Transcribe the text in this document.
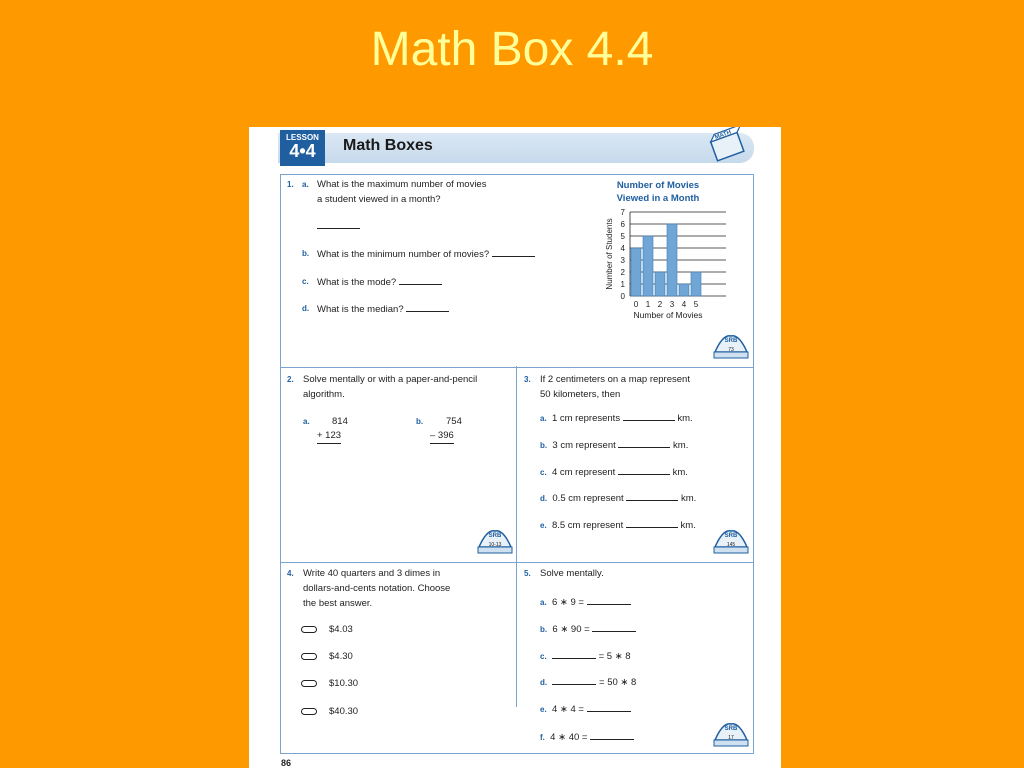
Math Box 4.4
LESSON
4•4	Math Boxes
MATH
1. a. What is the maximum number of movies
a student viewed in a month?
b. What is the minimum number of movies?
c. What is the mode?
d. What is the median?
Number of Movies
Viewed in a Month
0
1
2
3
4
5
6
7
0 1 2 3 4 5
Number of Movies
Number of Students
SRB
73
2. Solve mentally or with a paper-and-pencil
algorithm.
a. 814
+ 123
b. 754
– 396
SRB
10-13
3. If 2 centimeters on a map represent
50 kilometers, then
a. 1 cm represents	km.
b. 3 cm represent	km.
c. 4 cm represent	km.
d. 0.5 cm represent	km.
e. 8.5 cm represent	km.
SRB
145
4. Write 40 quarters and 3 dimes in
dollars-and-cents notation. Choose
the best answer.
$4.03
$4.30
$10.30
$40.30
5. Solve mentally.
a. 6 ∗ 9 =
b. 6 ∗ 90 =
c.	= 5 ∗ 8
d.	= 50 ∗ 8
e. 4 ∗ 4 =
f. 4 ∗ 40 =
SRB
17
86
